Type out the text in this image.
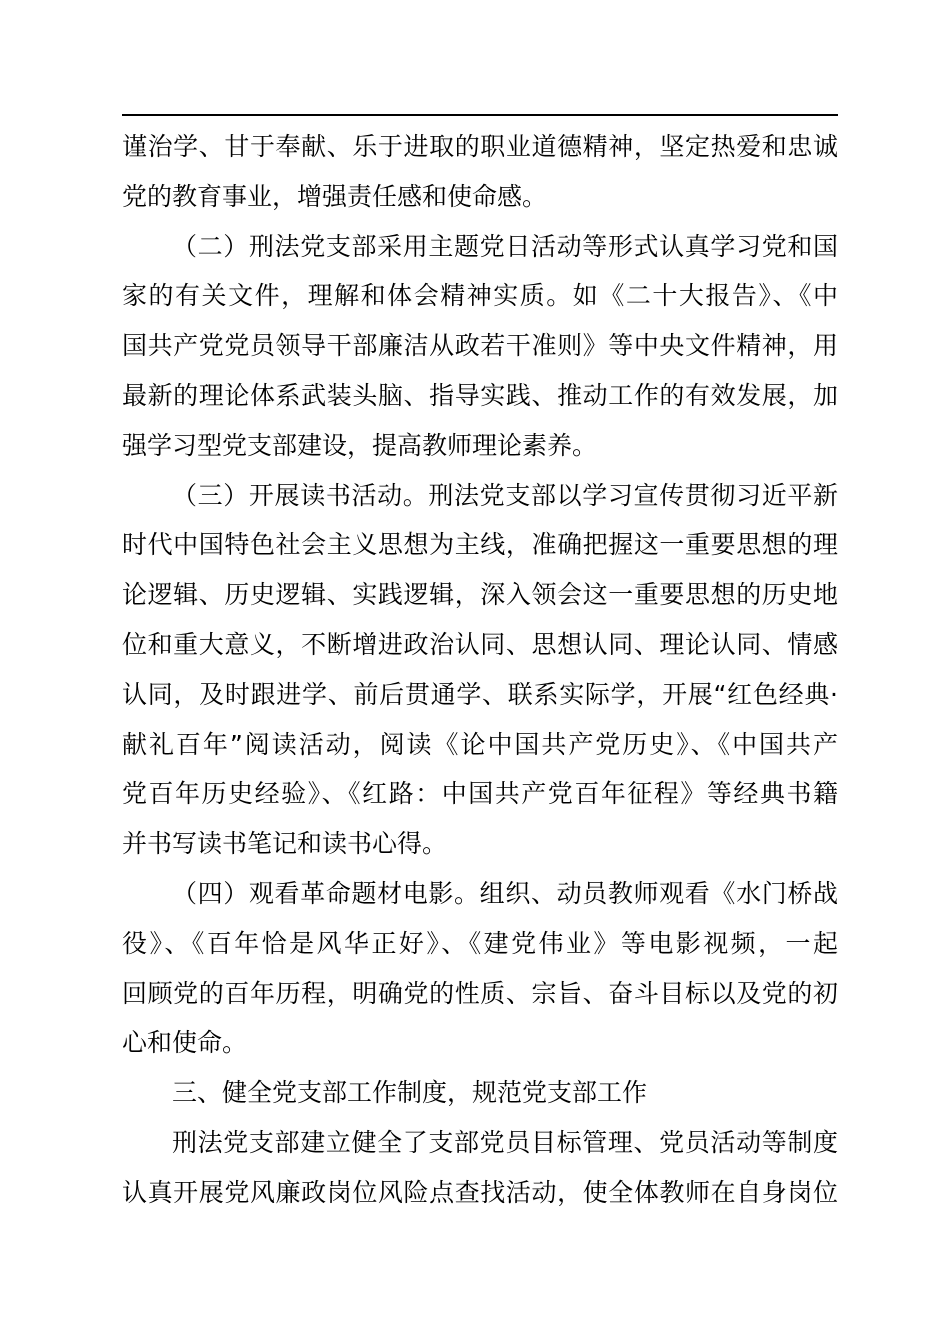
谨治学、甘于奉献、乐于进取的职业道德精神，坚定热爱和忠诚
党的教育事业，增强责任感和使命感。
（二）刑法党支部采用主题党日活动等形式认真学习党和国
家的有关文件，理解和体会精神实质。如《二十大报告》、《中
国共产党党员领导干部廉洁从政若干准则》等中央文件精神，用
最新的理论体系武装头脑、指导实践、推动工作的有效发展，加
强学习型党支部建设，提高教师理论素养。
（三）开展读书活动。刑法党支部以学习宣传贯彻习近平新
时代中国特色社会主义思想为主线，准确把握这一重要思想的理
论逻辑、历史逻辑、实践逻辑，深入领会这一重要思想的历史地
位和重大意义，不断增进政治认同、思想认同、理论认同、情感
认同，及时跟进学、前后贯通学、联系实际学，开展“红色经典·
献礼百年”阅读活动，阅读《论中国共产党历史》、《中国共产
党百年历史经验》、《红路：中国共产党百年征程》等经典书籍
并书写读书笔记和读书心得。
（四）观看革命题材电影。组织、动员教师观看《水门桥战
役》、《百年恰是风华正好》、《建党伟业》等电影视频，一起
回顾党的百年历程，明确党的性质、宗旨、奋斗目标以及党的初
心和使命。
三、健全党支部工作制度，规范党支部工作
刑法党支部建立健全了支部党员目标管理、党员活动等制度
认真开展党风廉政岗位风险点查找活动，使全体教师在自身岗位
